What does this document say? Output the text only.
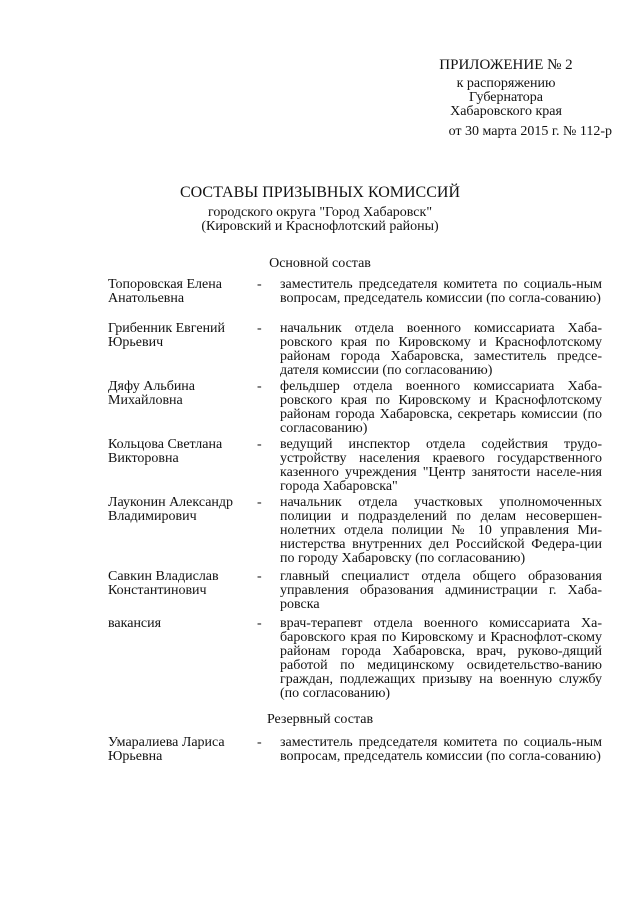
ПРИЛОЖЕНИЕ № 2
к распоряжению
Губернатора
Хабаровского края
от 30 марта 2015 г. № 112-р
СОСТАВЫ ПРИЗЫВНЫХ КОМИССИЙ
городского округа "Город Хабаровск"
(Кировский и Краснофлотский районы)
Основной состав
Топоровская Елена Анатольевна
- заместитель председателя комитета по социаль-ным вопросам, председатель комиссии (по согла-сованию)
Грибенник Евгений Юрьевич
- начальник отдела военного комиссариата Хаба-ровского края по Кировскому и Краснофлотскому районам города Хабаровска, заместитель предсе-дателя комиссии (по согласованию)
Дяфу Альбина Михайловна
- фельдшер отдела военного комиссариата Хаба-ровского края по Кировскому и Краснофлотскому районам города Хабаровска, секретарь комиссии (по согласованию)
Кольцова Светлана Викторовна
- ведущий инспектор отдела содействия трудо-устройству населения краевого государственного казенного учреждения "Центр занятости населе-ния города Хабаровска"
Лауконин Александр Владимирович
- начальник отдела участковых уполномоченных полиции и подразделений по делам несовершен-нолетних отдела полиции № 10 управления Ми-нистерства внутренних дел Российской Федера-ции по городу Хабаровску (по согласованию)
Савкин Владислав Константинович
- главный специалист отдела общего образования управления образования администрации г. Хаба-ровска
вакансия	- врач-терапевт отдела военного комиссариата Ха-баровского края по Кировскому и Краснофлот-скому районам города Хабаровска, врач, руково-дящий работой по медицинскому освидетельство-ванию граждан, подлежащих призыву на военную службу (по согласованию)
Резервный состав
Умаралиева Лариса Юрьевна
- заместитель председателя комитета по социаль-ным вопросам, председатель комиссии (по согла-сованию)
